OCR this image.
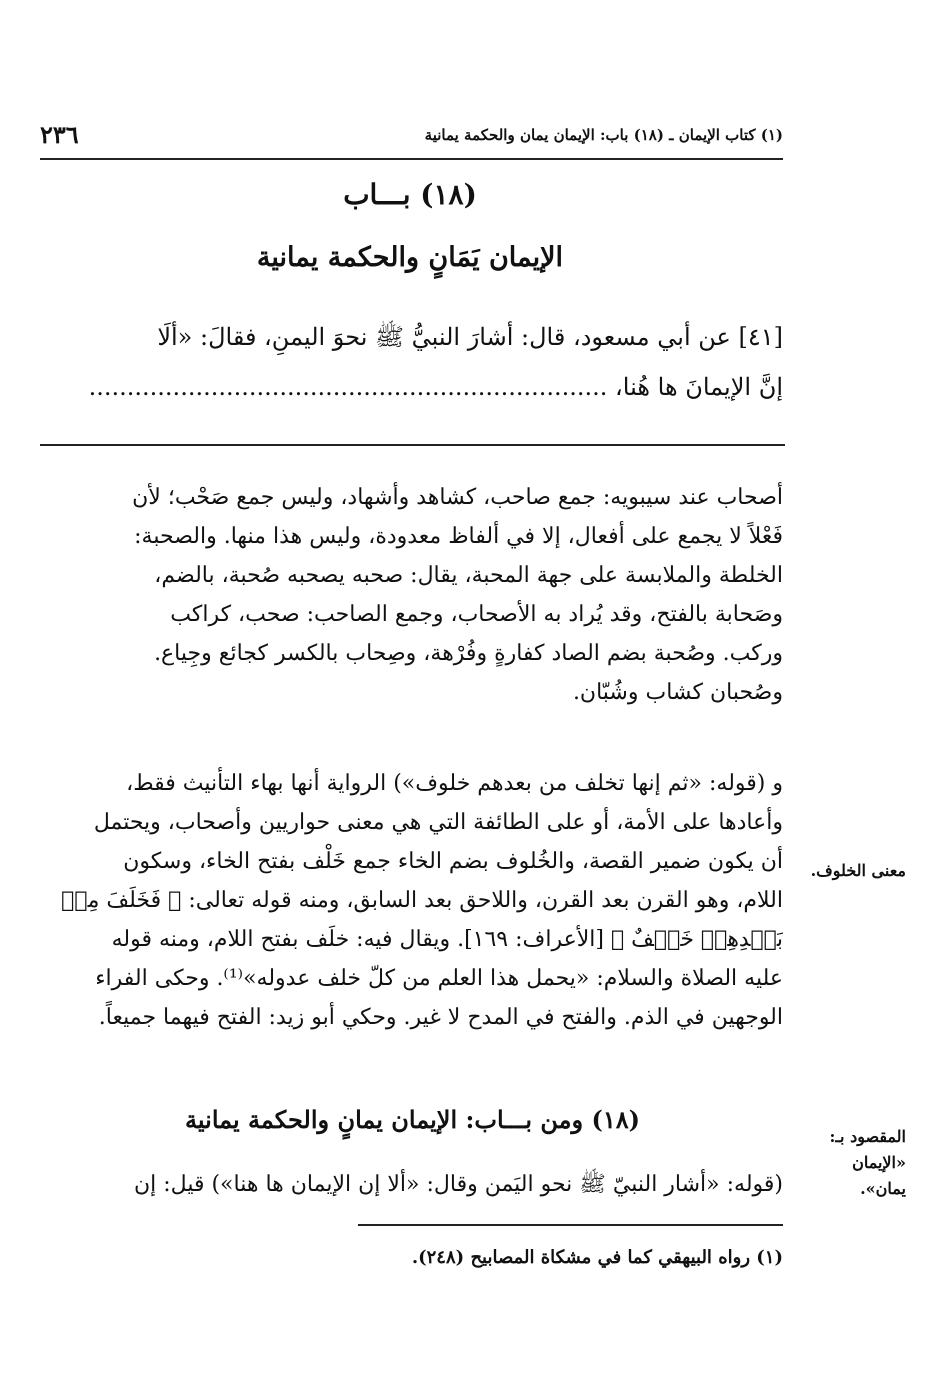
٢٣٦	(١) كتاب الإيمان ـ (١٨) باب: الإيمان يمان والحكمة يمانية
(١٨) بـــاب
الإيمان يَمَانٍ والحكمة يمانية
[٤١] عن أبي مسعود، قال: أشارَ النبيُّ ﷺ نحوَ اليمنِ، فقالَ: «ألَا
إنَّ الإيمانَ ها هُنا، ....................................................................
أصحاب عند سيبويه: جمع صاحب، كشاهد وأشهاد، وليس جمع صَحْب؛ لأن
فَعْلاً لا يجمع على أفعال، إلا في ألفاظ معدودة، وليس هذا منها. والصحبة:
الخلطة والملابسة على جهة المحبة، يقال: صحبه يصحبه صُحبة، بالضم،
وصَحابة بالفتح، وقد يُراد به الأصحاب، وجمع الصاحب: صحب، كراكب
وركب. وصُحبة بضم الصاد كفارةٍ وفُرْهة، وصِحاب بالكسر كجائع وجِياع.
وصُحبان كشاب وشُبّان.
و (قوله: «ثم إنها تخلف من بعدهم خلوف») الرواية أنها بهاء التأنيث فقط،
وأعادها على الأمة، أو على الطائفة التي هي معنى حواريين وأصحاب، ويحتمل
أن يكون ضمير القصة، والخُلوف بضم الخاء جمع خَلْف بفتح الخاء، وسكون
اللام، وهو القرن بعد القرن، واللاحق بعد السابق، ومنه قوله تعالى: ﴿ فَخَلَفَ مِنۢ
بَعۡدِهِمۡ خَلۡفٌ ﴾ [الأعراف: ١٦٩]. ويقال فيه: خلَف بفتح اللام، ومنه قوله
عليه الصلاة والسلام: «يحمل هذا العلم من كلّ خلف عدوله»⁽¹⁾. وحكى الفراء
الوجهين في الذم. والفتح في المدح لا غير. وحكي أبو زيد: الفتح فيهما جميعاً.
معنى الخلوف.
المقصود بـ:
«الإيمان
يمان».
(١٨) ومن بـــاب: الإيمان يمانٍ والحكمة يمانية
(قوله: «أشار النبيّ ﷺ نحو اليَمن وقال: «ألا إن الإيمان ها هنا») قيل: إن
(١) رواه البيهقي كما في مشكاة المصابيح (٢٤٨).
